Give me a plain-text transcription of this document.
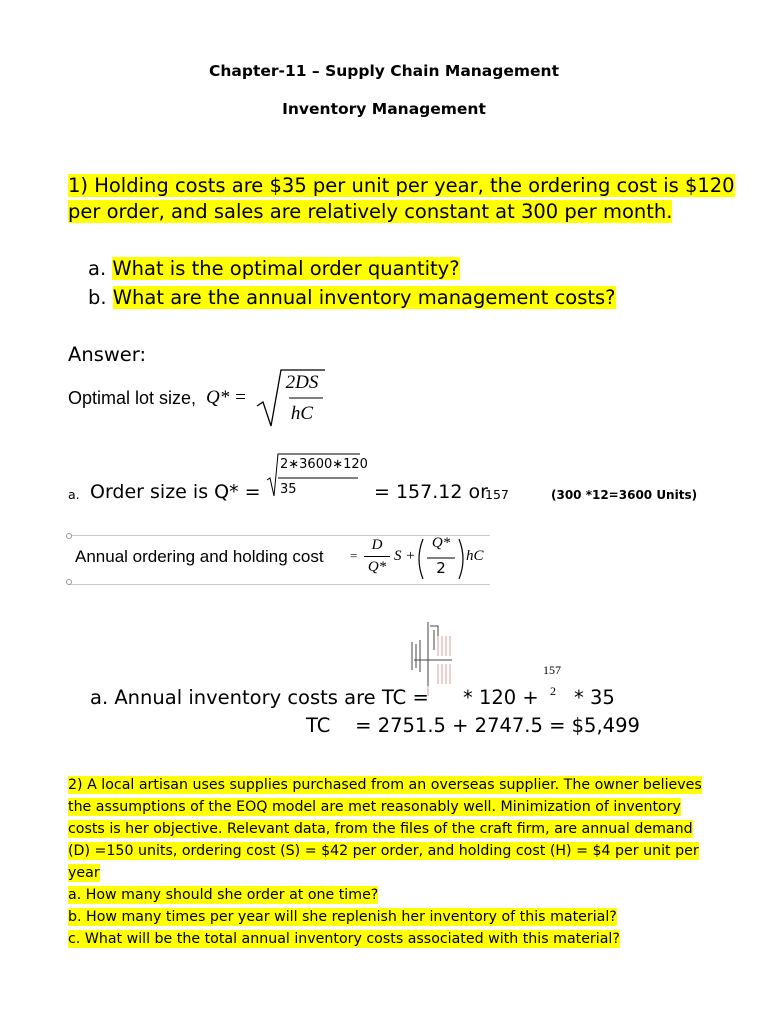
Chapter-11 – Supply Chain Management
Inventory Management
1) Holding costs are $35 per unit per year, the ordering cost is $120
per order, and sales are relatively constant at 300 per month.
a. What is the optimal order quantity?
b. What are the annual inventory management costs?
Answer:
Optimal lot size, Q* =
2DS
hC
a. Order size is Q* =
2∗3600∗120
35	= 157.12 or
157	(300 *12=3600 Units)
Annual ordering and holding cost =
D
Q*
S +
Q*
2
hC
a. Annual inventory costs are TC = * 120 +
157
2 * 35
TC    = 2751.5 + 2747.5 = $5,499
2) A local artisan uses supplies purchased from an overseas supplier. The owner believes the assumptions of the EOQ model are met reasonably well. Minimization of inventory costs is her objective. Relevant data, from the files of the craft firm, are annual demand (D) =150 units, ordering cost (S) = $42 per order, and holding cost (H) = $4 per unit per year
a. How many should she order at one time?
b. How many times per year will she replenish her inventory of this material?
c. What will be the total annual inventory costs associated with this material?
